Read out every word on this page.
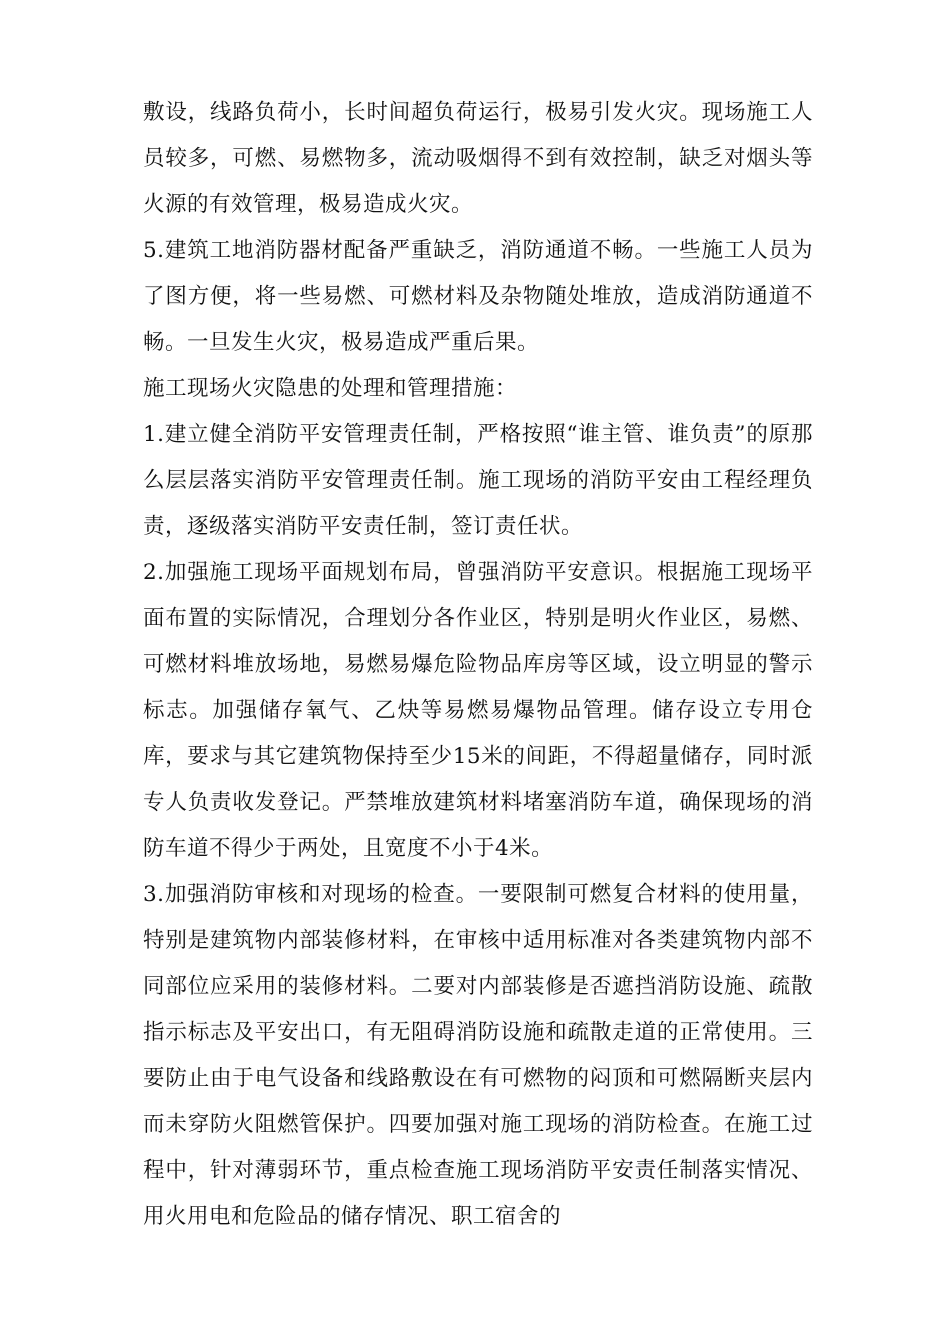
敷设，线路负荷小，长时间超负荷运行，极易引发火灾。现场施工人员较多，可燃、易燃物多，流动吸烟得不到有效控制，缺乏对烟头等火源的有效管理，极易造成火灾。

5.建筑工地消防器材配备严重缺乏，消防通道不畅。一些施工人员为了图方便，将一些易燃、可燃材料及杂物随处堆放，造成消防通道不畅。一旦发生火灾，极易造成严重后果。

施工现场火灾隐患的处理和管理措施：

1.建立健全消防平安管理责任制，严格按照“谁主管、谁负责”的原那么层层落实消防平安管理责任制。施工现场的消防平安由工程经理负责，逐级落实消防平安责任制，签订责任状。

2.加强施工现场平面规划布局，曾强消防平安意识。根据施工现场平面布置的实际情况，合理划分各作业区，特别是明火作业区，易燃、可燃材料堆放场地，易燃易爆危险物品库房等区域，设立明显的警示标志。加强储存氧气、乙炔等易燃易爆物品管理。储存设立专用仓库，要求与其它建筑物保持至少15米的间距，不得超量储存，同时派专人负责收发登记。严禁堆放建筑材料堵塞消防车道，确保现场的消防车道不得少于两处，且宽度不小于4米。

3.加强消防审核和对现场的检查。一要限制可燃复合材料的使用量，特别是建筑物内部装修材料，在审核中适用标准对各类建筑物内部不同部位应采用的装修材料。二要对内部装修是否遮挡消防设施、疏散指示标志及平安出口，有无阻碍消防设施和疏散走道的正常使用。三要防止由于电气设备和线路敷设在有可燃物的闷顶和可燃隔断夹层内而未穿防火阻燃管保护。四要加强对施工现场的消防检查。在施工过程中，针对薄弱环节，重点检查施工现场消防平安责任制落实情况、用火用电和危险品的储存情况、职工宿舍的
